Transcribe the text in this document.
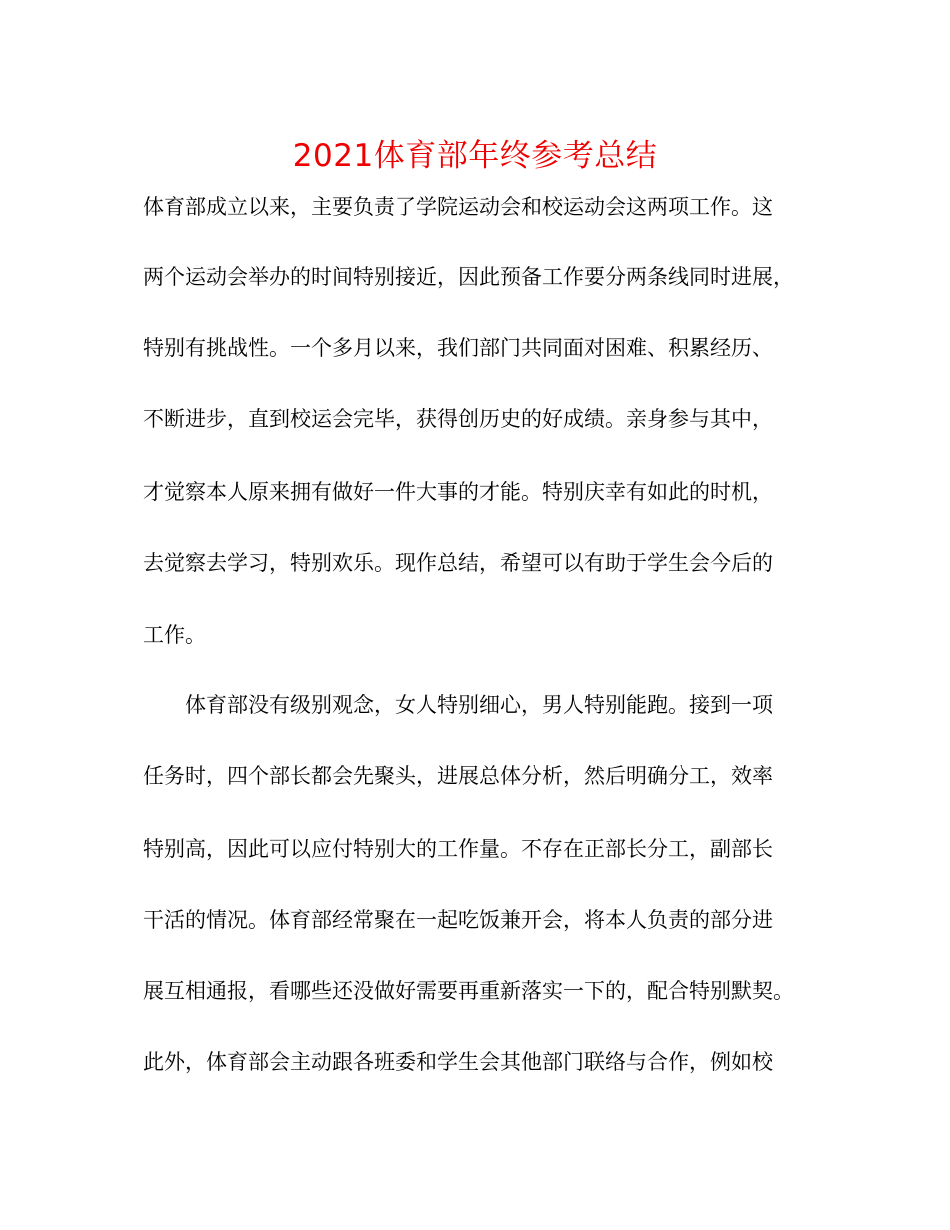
2021体育部年终参考总结
体育部成立以来，主要负责了学院运动会和校运动会这两项工作。这
两个运动会举办的时间特别接近，因此预备工作要分两条线同时进展，
特别有挑战性。一个多月以来，我们部门共同面对困难、积累经历、
不断进步，直到校运会完毕，获得创历史的好成绩。亲身参与其中，
才觉察本人原来拥有做好一件大事的才能。特别庆幸有如此的时机，
去觉察去学习，特别欢乐。现作总结，希望可以有助于学生会今后的
工作。
体育部没有级别观念，女人特别细心，男人特别能跑。接到一项
任务时，四个部长都会先聚头，进展总体分析，然后明确分工，效率
特别高，因此可以应付特别大的工作量。不存在正部长分工，副部长
干活的情况。体育部经常聚在一起吃饭兼开会，将本人负责的部分进
展互相通报，看哪些还没做好需要再重新落实一下的，配合特别默契。
此外，体育部会主动跟各班委和学生会其他部门联络与合作，例如校
